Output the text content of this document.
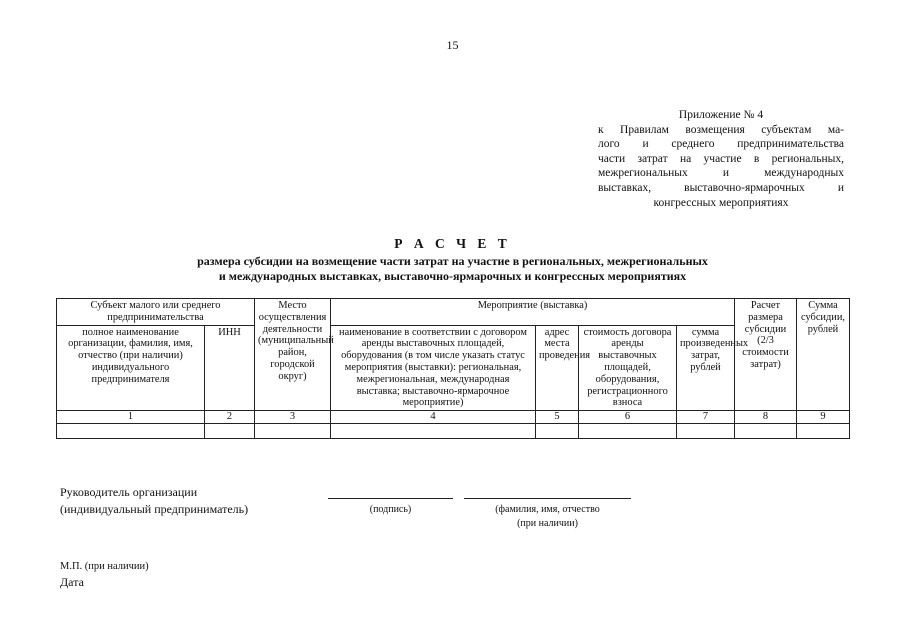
15
Приложение № 4
к Правилам возмещения субъектам ма-
лого и среднего предпринимательства
части затрат на участие в региональных,
межрегиональных и международных
выставках, выставочно-ярмарочных и
конгрессных мероприятиях
Р А С Ч Е Т
размера субсидии на возмещение части затрат на участие в региональных, межрегиональных
и международных выставках, выставочно-ярмарочных и конгрессных мероприятиях
Субъект малого или среднего предпринимательства		Место осуществления деятельности (муниципальный район, городской округ)	Мероприятие (выставка)				Расчет размера субсидии (2/3 стоимости затрат)	Сумма субсидии, рублей
полное наименование организации, фамилия, имя, отчество (при наличии) индивидуального предпринимателя	ИНН		наименование в соответствии с договором аренды выставочных площадей, оборудования (в том числе указать статус мероприятия (выставки): региональная, межрегиональная, международная выставка; выставочно-ярмарочное мероприятие)	адрес места проведения	стоимость договора аренды выставочных площадей, оборудования, регистрационного взноса	сумма произведенных затрат, рублей		
1	2	3	4	5	6	7	8	9

Руководитель организации
(индивидуальный предприниматель)	(подпись)	(фамилия, имя, отчество
(при наличии)
М.П. (при наличии)
Дата
